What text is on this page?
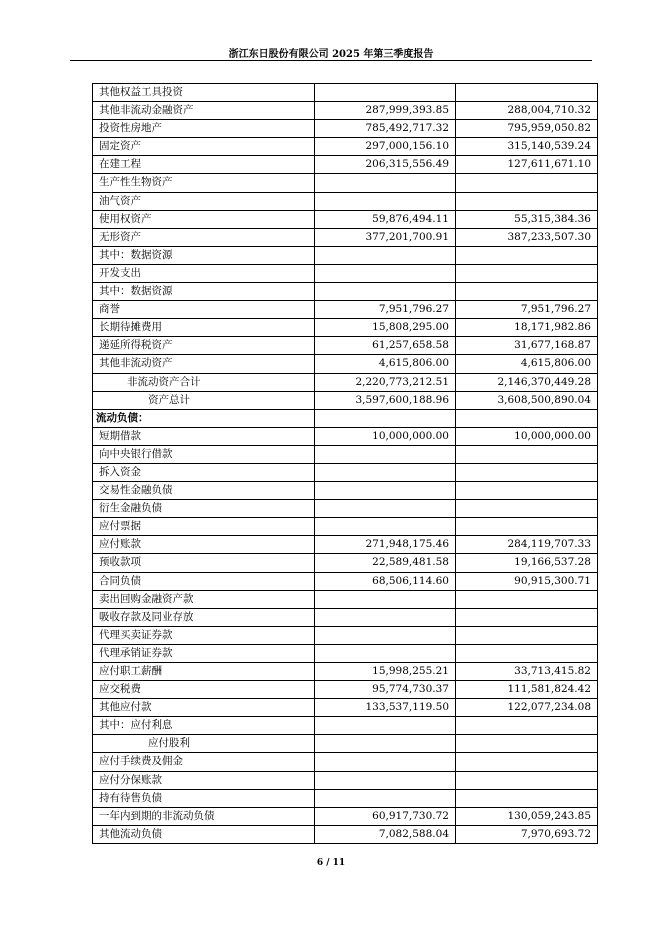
浙江东日股份有限公司 2025 年第三季度报告
其他权益工具投资		
其他非流动金融资产	287,999,393.85	288,004,710.32
投资性房地产	785,492,717.32	795,959,050.82
固定资产	297,000,156.10	315,140,539.24
在建工程	206,315,556.49	127,611,671.10
生产性生物资产		
油气资产		
使用权资产	59,876,494.11	55,315,384.36
无形资产	377,201,700.91	387,233,507.30
其中：数据资源		
开发支出		
其中：数据资源		
商誉	7,951,796.27	7,951,796.27
长期待摊费用	15,808,295.00	18,171,982.86
递延所得税资产	61,257,658.58	31,677,168.87
其他非流动资产	4,615,806.00	4,615,806.00
非流动资产合计	2,220,773,212.51	2,146,370,449.28
资产总计	3,597,600,188.96	3,608,500,890.04
流动负债：		
短期借款	10,000,000.00	10,000,000.00
向中央银行借款		
拆入资金		
交易性金融负债		
衍生金融负债		
应付票据		
应付账款	271,948,175.46	284,119,707.33
预收款项	22,589,481.58	19,166,537.28
合同负债	68,506,114.60	90,915,300.71
卖出回购金融资产款		
吸收存款及同业存放		
代理买卖证券款		
代理承销证券款		
应付职工薪酬	15,998,255.21	33,713,415.82
应交税费	95,774,730.37	111,581,824.42
其他应付款	133,537,119.50	122,077,234.08
其中：应付利息		
应付股利		
应付手续费及佣金		
应付分保账款		
持有待售负债		
一年内到期的非流动负债	60,917,730.72	130,059,243.85
其他流动负债	7,082,588.04	7,970,693.72
6 / 11
